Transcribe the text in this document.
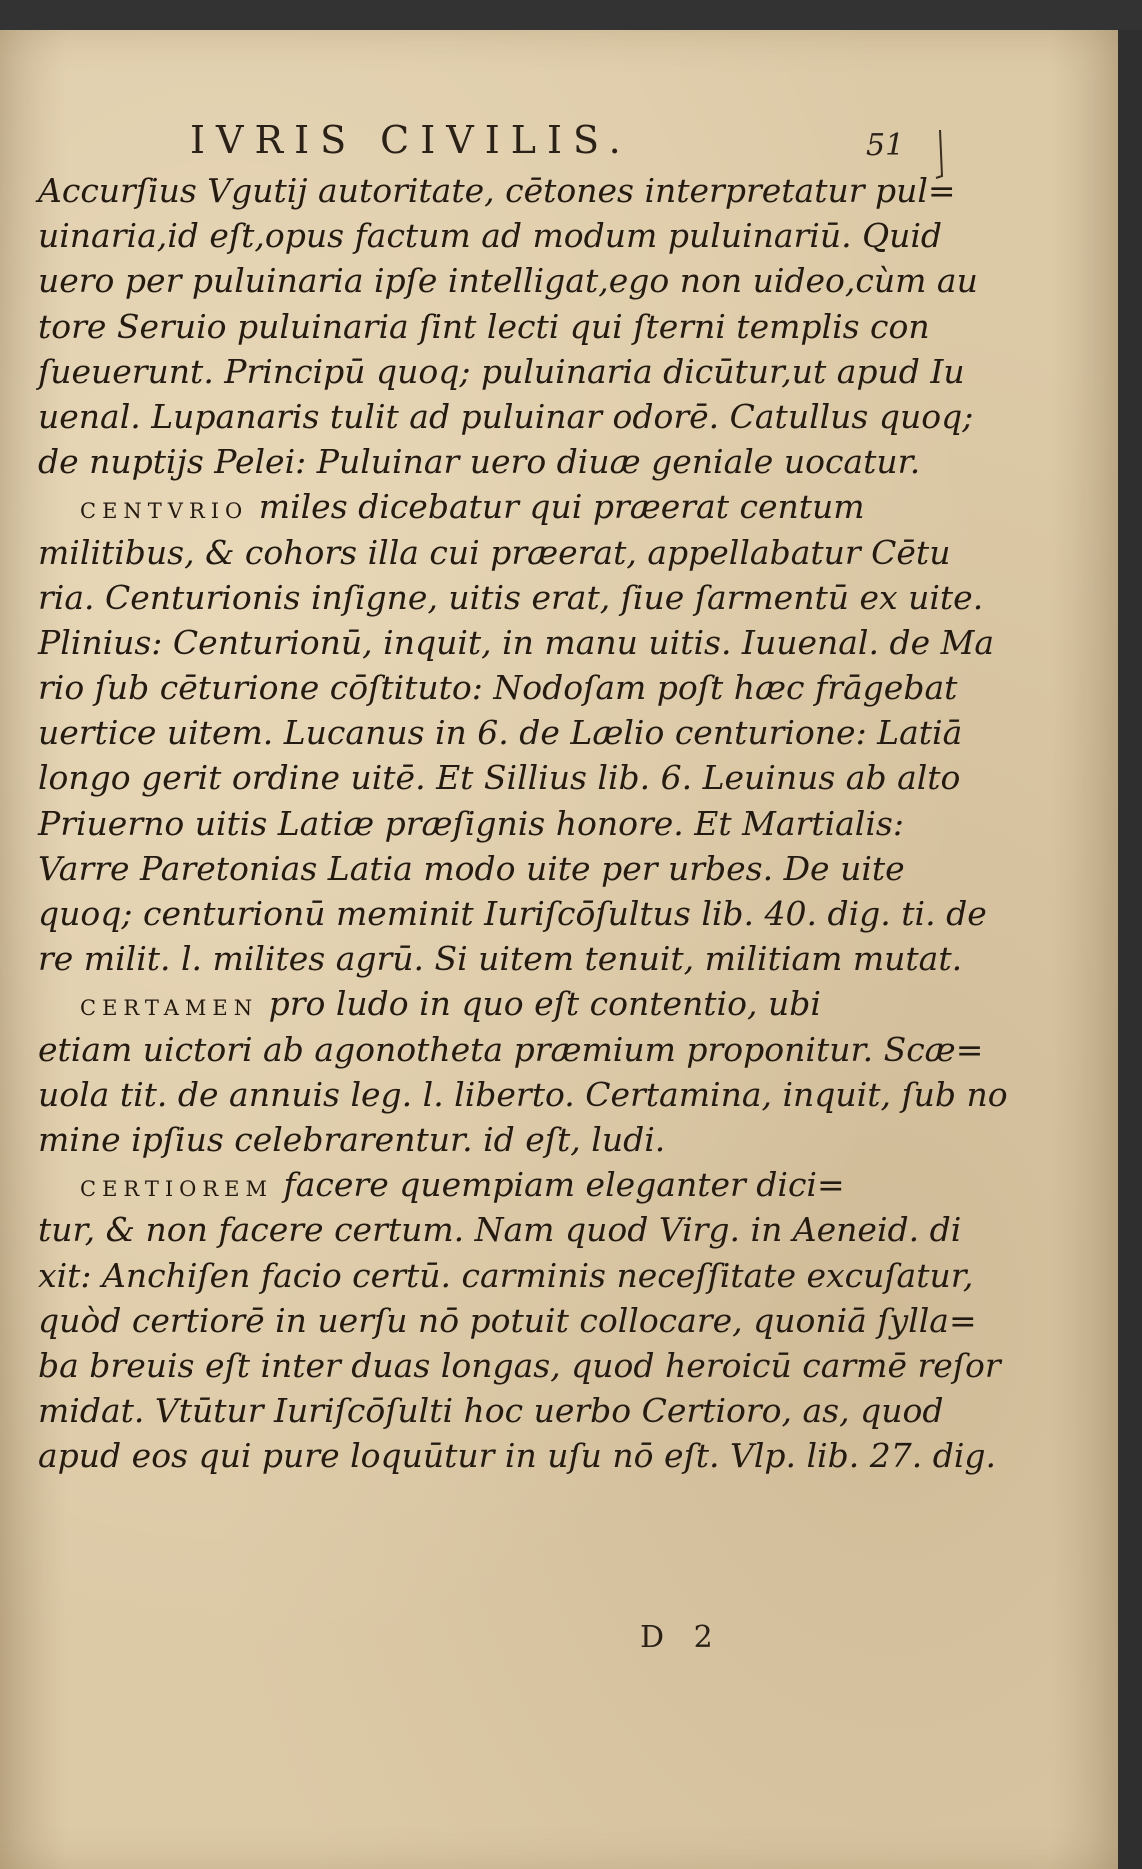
IVRIS CIVILIS.	51
Accurſius Vgutij autoritate, cētones interpretatur pul=
uinaria,id eſt,opus factum ad modum puluinariū. Quid
uero per puluinaria ipſe intelligat,ego non uideo,cùm au
tore Seruio puluinaria ſint lecti qui ſterni templis con
ſueuerunt. Principū quoq; puluinaria dicūtur,ut apud Iu
uenal. Lupanaris tulit ad puluinar odorē. Catullus quoq;
de nuptijs Pelei: Puluinar uero diuæ geniale uocatur.
CENTVRIO miles dicebatur qui præerat centum
militibus, & cohors illa cui præerat, appellabatur Cētu
ria. Centurionis inſigne, uitis erat, ſiue ſarmentū ex uite.
Plinius: Centurionū, inquit, in manu uitis. Iuuenal. de Ma
rio ſub cēturione cōſtituto: Nodoſam poſt hæc frāgebat
uertice uitem. Lucanus in 6. de Lælio centurione: Latiā
longo gerit ordine uitē. Et Sillius lib. 6. Leuinus ab alto
Priuerno uitis Latiæ præſignis honore. Et Martialis:
Varre Paretonias Latia modo uite per urbes. De uite
quoq; centurionū meminit Iuriſcōſultus lib. 40. dig. ti. de
re milit. l. milites agrū. Si uitem tenuit, militiam mutat.
CERTAMEN pro ludo in quo eſt contentio, ubi
etiam uictori ab agonotheta præmium proponitur. Scæ=
uola tit. de annuis leg. l. liberto. Certamina, inquit, ſub no
mine ipſius celebrarentur. id eſt, ludi.
CERTIOREM facere quempiam eleganter dici=
tur, & non facere certum. Nam quod Virg. in Aeneid. di
xit: Anchiſen facio certū. carminis neceſſitate excuſatur,
quòd certiorē in uerſu nō potuit collocare, quoniā ſylla=
ba breuis eſt inter duas longas, quod heroicū carmē reſor
midat. Vtūtur Iuriſcōſulti hoc uerbo Certioro, as, quod
apud eos qui pure loquūtur in uſu nō eſt. Vlp. lib. 27. dig.
D 2
